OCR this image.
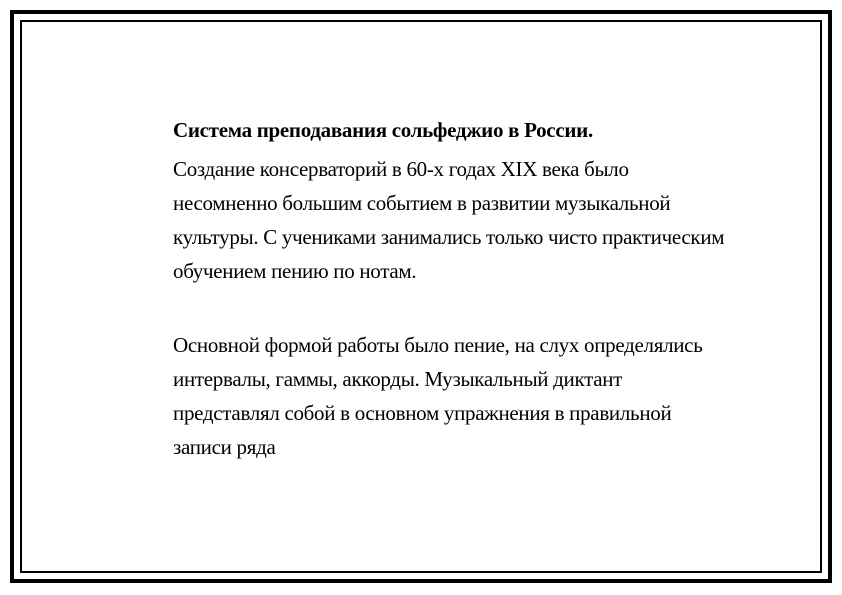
Система преподавания сольфеджио в России.

Создание консерваторий в 60-х годах XIX века было несомненно большим событием в развитии музыкальной культуры. С учениками занимались только чисто практическим обучением пению по нотам.

Основной формой работы было пение, на слух определялись интервалы, гаммы, аккорды. Музыкальный диктант представлял собой в основном упражнения в правильной записи ряда
